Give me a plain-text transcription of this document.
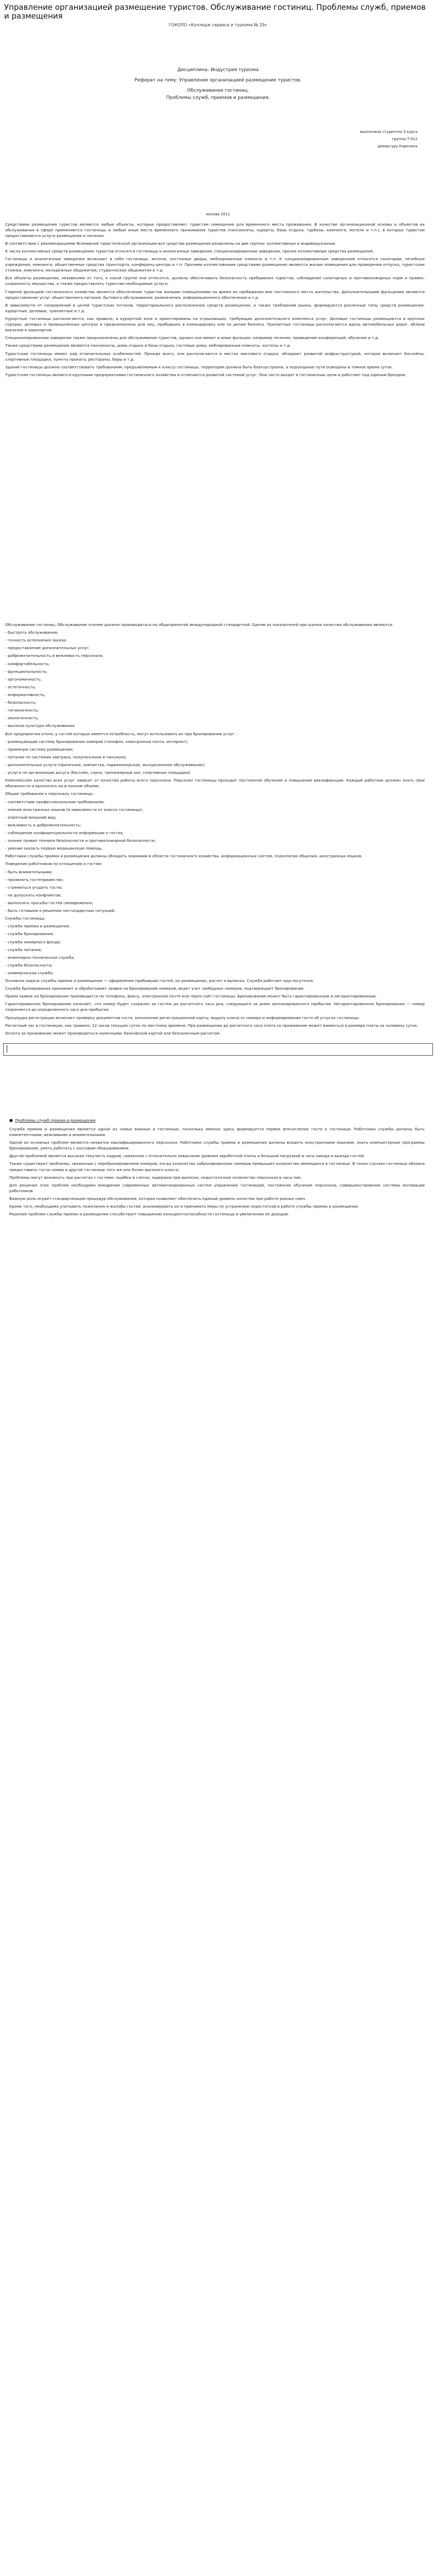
Управление организацией размещение туристов. Обслуживание гостиниц. Проблемы служб, приемов и размещения
ГОКОПО «Колледж сервиса и туризма № 29»
Дисциплина: Индустрия туризма
Реферат на тему: Управление организацией размещение туристов.
Обслуживание гостиниц.
Проблемы служб, приемов и размещения.
выполнила студентка 3 курса
группы Т-912
демакгуру Карелина
москва 2011
Средствами размещения туристов являются любые объекты, которые предоставляют туристам помещения для временного места проживания. В качестве организационной основы и объектов их обслуживания в сфере применяются гостиницы и любые иные места временного проживания туристов (пансионаты, курорты, базы отдыха, турбазы, кемпинги, мотели и т.п.), в которых туристам предоставляются услуги размещения и питания.
В соответствии с рекомендациями Всемирной туристической организации все средства размещения разделены на две группы: коллективные и индивидуальные.
К числу коллективных средств размещения туристов относятся гостиницы и аналогичные заведения, специализированные заведения, прочие коллективные средства размещения.
Гостиницы и аналогичные заведения включают в себя гостиницы, мотели, постоялые дворы, меблированные комнаты и т.п. К специализированным заведениям относятся санатории, лечебные учреждения, кемпинги, общественные средства транспорта, конференц-центры и т.п. Прочими коллективными средствами размещения являются жилые помещения для проведения отпуска, туристские стоянки, кемпинги, молодежные общежития, студенческие общежития и т.д.
Все объекты размещения, независимо от того, к какой группе они относятся, должны обеспечивать безопасность пребывания туристов, соблюдение санитарных и противопожарных норм и правил, сохранность имущества, а также предоставлять туристам необходимые услуги.
Главной функцией гостиничного хозяйства является обеспечение туристов жилыми помещениями на время их пребывания вне постоянного места жительства. Дополнительными функциями являются предоставление услуг общественного питания, бытового обслуживания, развлечения, информационного обеспечения и т.д.
В зависимости от направлений и целей туристских потоков, территориального расположения средств размещения, а также требований рынка, формируются различные типы средств размещения: курортные, деловые, транзитные и т.д.
Курортные гостиницы располагаются, как правило, в курортной зоне и ориентированы на отдыхающих, требующих дополнительного комплекса услуг. Деловые гостиницы размещаются в крупных городах, деловых и промышленных центрах и предназначены для лиц, прибывших в командировку или по делам бизнеса. Транзитные гостиницы располагаются вдоль автомобильных дорог, вблизи вокзалов и аэропортов.
Специализированные заведения также предназначены для обслуживания туристов, однако они имеют и иные функции, например лечение, проведение конференций, обучение и т.д.
Также средствами размещения являются пансионаты, дома отдыха и базы отдыха, гостевые дома, меблированные комнаты, хостелы и т.д.
Туристские гостиницы имеют ряд отличительных особенностей. Прежде всего, они располагаются в местах массового отдыха, обладают развитой инфраструктурой, которая включает бассейны, спортивные площадки, пункты проката, рестораны, бары и т.д.
Здание гостиницы должно соответствовать требованиям, предъявляемым к классу гостиницы; территория должна быть благоустроена, а подъездные пути освещены в темное время суток.
Туристские гостиницы являются крупными предприятиями гостиничного хозяйства и отличаются развитой системой услуг. Они часто входят в гостиничные цепи и работают под единым брендом.
Обслуживание гостиниц. Обслуживание отелем должно производиться на общепринятой международной стандартной. Одним из показателей при оценке качества обслуживания являются:
- быстрота обслуживания;
- точность исполнения заказа;
- предоставление дополнительных услуг;
- доброжелательность и вежливость персонала;
- комфортабельность;
- функциональность;
- эргономичность;
- эстетичность;
- информативность;
- безопасность;
- гигиеничность;
- экологичность;
- высокая культура обслуживания.
Все предприятия отеля, у гостей которых имеется потребность, могут использовать их при бронировании услуг:
- размещающий систему бронирования номеров (телефон, электронная почта, интернет);
- приемную систему размещения;
- питание по системам завтрака, полупансиона и пансиона;
- дополнительные услуги (прачечная, химчистка, парикмахерская, экскурсионное обслуживание);
- услуги по организации досуга (бассейн, сауна, тренажерный зал, спортивные площадки).
Комплексное качество всех услуг зависит от качества работы всего персонала. Персонал гостиницы проходит постоянное обучение и повышение квалификации. Каждый работник должен знать свои обязанности и выполнять их в полном объеме.
Общие требования к персоналу гостиницы:
- соответствие профессиональным требованиям;
- знание иностранных языков (в зависимости от класса гостиницы);
- опрятный внешний вид;
- вежливость и доброжелательность;
- соблюдение конфиденциальности информации о гостях;
- знание правил техники безопасности и противопожарной безопасности;
- умение оказать первую медицинскую помощь.
Работники службы приема и размещения должны обладать знаниями в области гостиничного хозяйства, информационных систем, психологии общения, иностранных языков.
Поведение работников по отношению к гостям:
- быть внимательными;
- проявлять гостеприимство;
- стремиться угодить гостю;
- не допускать конфликтов;
- выполнять просьбы гостей своевременно;
- быть готовыми к решению нестандартных ситуаций.
Службы гостиницы:
- служба приема и размещения;
- служба бронирования;
- служба номерного фонда;
- служба питания;
- инженерно-техническая служба;
- служба безопасности;
- коммерческая служба.
Основная задача службы приема и размещения — оформление прибывших гостей, их размещение, расчет и выписка. Служба работает круглосуточно.
Служба бронирования принимает и обрабатывает заявки на бронирование номеров, ведет учет свободных номеров, подтверждает бронирование.
Прием заявок на бронирование производится по телефону, факсу, электронной почте или через сайт гостиницы. Бронирование может быть гарантированным и негарантированным.
Гарантированное бронирование означает, что номер будет сохранен за гостем до расчетного часа дня, следующего за днем запланированного прибытия. Негарантированное бронирование — номер сохраняется до определенного часа дня прибытия.
Процедура регистрации включает проверку документов гостя, заполнение регистрационной карты, выдачу ключа от номера и информирование гостя об услугах гостиницы.
Расчетный час в гостиницах, как правило, 12 часов текущих суток по местному времени. При размещении до расчетного часа плата за проживание может взиматься в размере платы за половину суток.
Оплата за проживание может производиться наличными, банковской картой или безналичным расчетом.
● Проблемы служб приема и размещения
Служба приема и размещения является одной из самых важных в гостинице, поскольку именно здесь формируется первое впечатление гостя о гостинице. Работники службы должны быть компетентными, вежливыми и внимательными.
Одной из основных проблем является нехватка квалифицированного персонала. Работники службы приема и размещения должны владеть иностранными языками, знать компьютерные программы бронирования, уметь работать с кассовым оборудованием.
Другой проблемой является высокая текучесть кадров, связанная с относительно невысоким уровнем заработной платы и большой нагрузкой в часы заезда и выезда гостей.
Также существуют проблемы, связанные с перебронированием номеров, когда количество забронированных номеров превышает количество имеющихся в гостинице. В таких случаях гостиница обязана предоставить гостю номер в другой гостинице того же или более высокого класса.
Проблемы могут возникать при расчетах с гостями: ошибки в счетах, задержки при выписке, недостаточное количество персонала в часы пик.
Для решения этих проблем необходимо внедрение современных автоматизированных систем управления гостиницей, постоянное обучение персонала, совершенствование системы мотивации работников.
Важную роль играет стандартизация процедур обслуживания, которая позволяет обеспечить единый уровень качества при работе разных смен.
Кроме того, необходимо учитывать пожелания и жалобы гостей, анализировать их и принимать меры по устранению недостатков в работе службы приема и размещения.
Решение проблем службы приема и размещения способствует повышению конкурентоспособности гостиницы и увеличению ее доходов.
